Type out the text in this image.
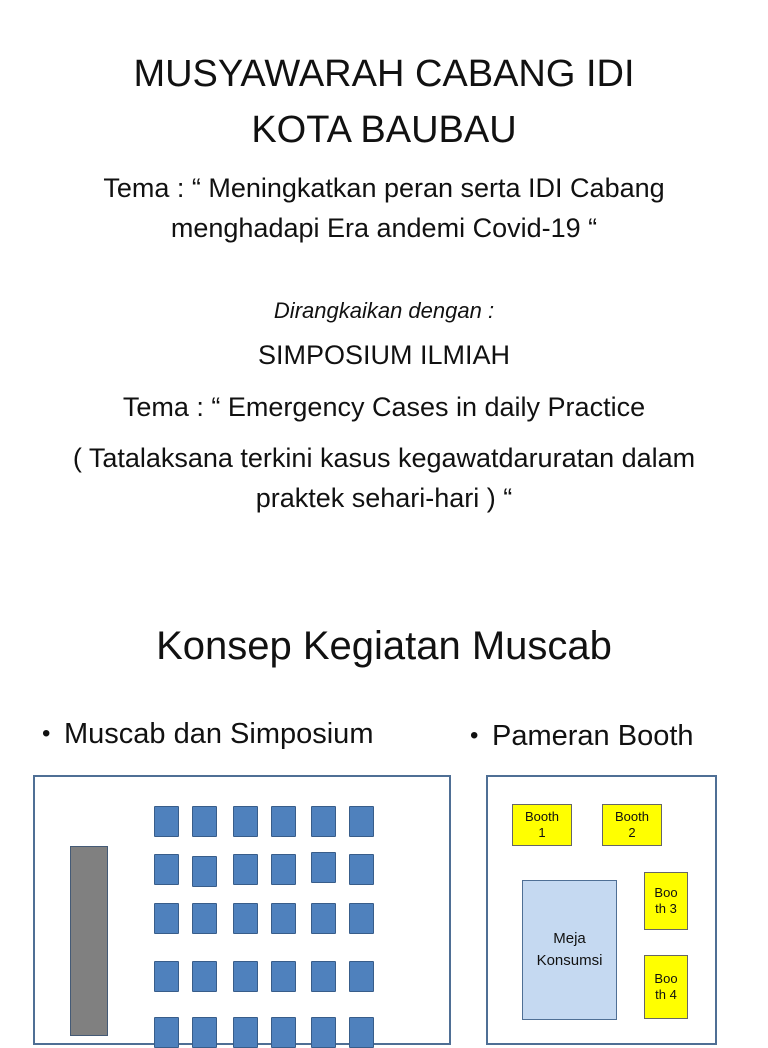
MUSYAWARAH CABANG IDI
KOTA BAUBAU
Tema : “ Meningkatkan peran serta IDI Cabang
menghadapi Era andemi Covid-19 “
Dirangkaikan dengan :
SIMPOSIUM ILMIAH
Tema : “ Emergency Cases in daily Practice
( Tatalaksana terkini kasus kegawatdaruratan dalam
praktek sehari-hari ) “
Konsep Kegiatan Muscab
• Muscab dan Simposium	• Pameran Booth
Booth
1
Booth
2
Boo
th 3
Boo
th 4
Meja
Konsumsi
